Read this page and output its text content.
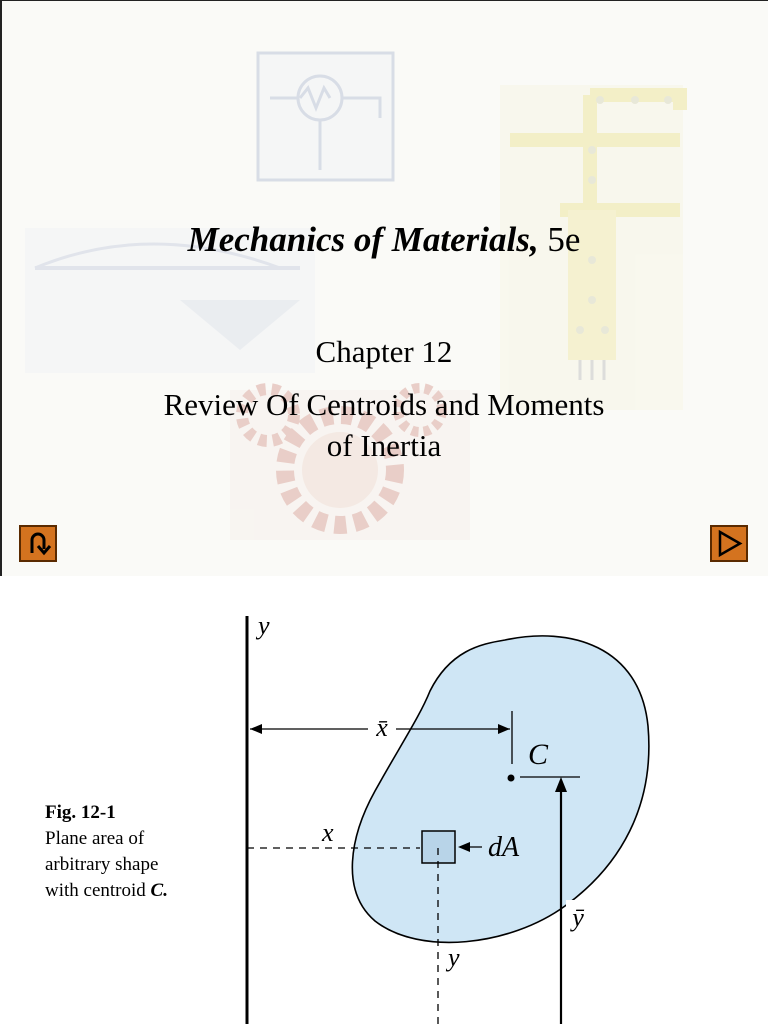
Mechanics of Materials, 5e
Chapter 12
Review Of Centroids and Moments
of Inertia
x̄
y
C
ȳ
x	dA
y
Fig. 12-1
Plane area of arbitrary shape with centroid C.
